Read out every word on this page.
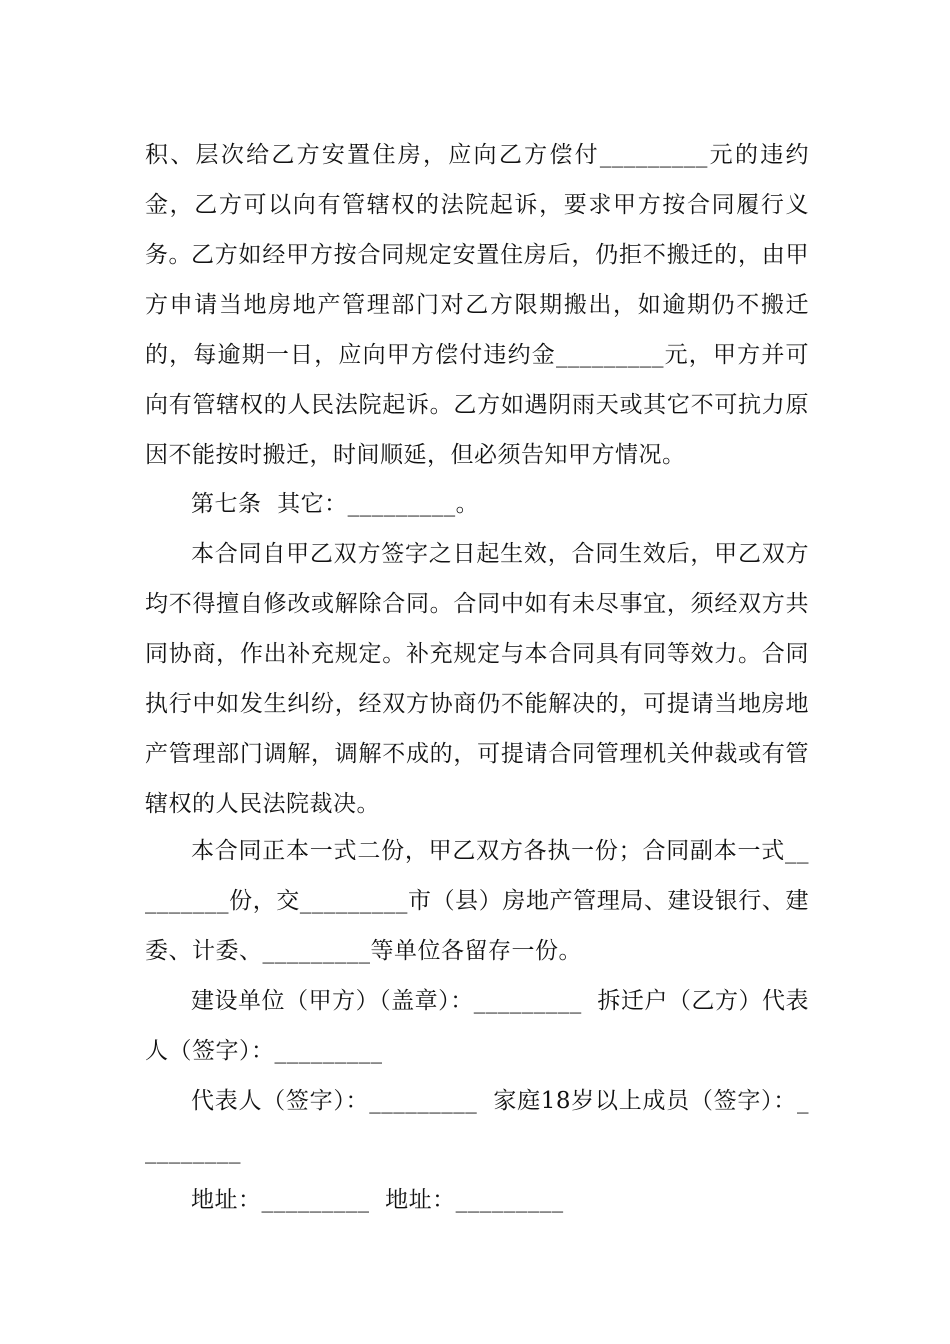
积、层次给乙方安置住房，应向乙方偿付_________元的违约金，乙方可以向有管辖权的法院起诉，要求甲方按合同履行义务。 乙方如经甲方按合同规定安置住房后，仍拒不搬迁的，由甲方申请当地房地产管理部门对乙方限期搬出，如逾期仍不搬迁的，每逾期一日，应向甲方偿付违约金_________元，甲方并可向有管辖权的人民法院起诉。乙方如遇阴雨天或其它不可抗力原因不能按时搬迁，时间顺延，但必须告知甲方情况。

第七条  其它：_________。

本合同自甲乙双方签字之日起生效，合同生效后，甲乙双方均不得擅自修改或解除合同。合同中如有未尽事宜，须经双方共同协商，作出补充规定。补充规定与本合同具有同等效力。合同执行中如发生纠纷，经双方协商仍不能解决的，可提请当地房地产管理部门调解，调解不成的，可提请合同管理机关仲裁或有管辖权的人民法院裁决。

本合同正本一式二份，甲乙双方各执一份；合同副本一式_________份，交_________市（县）房地产管理局、建设银行、建委、计委、_________等单位各留存一份。

建设单位（甲方）（盖章）：_________  拆迁户（乙方）代表人（签字）：_________

代表人（签字）：_________  家庭18岁以上成员（签字）：_________

地址：_________  地址：_________
